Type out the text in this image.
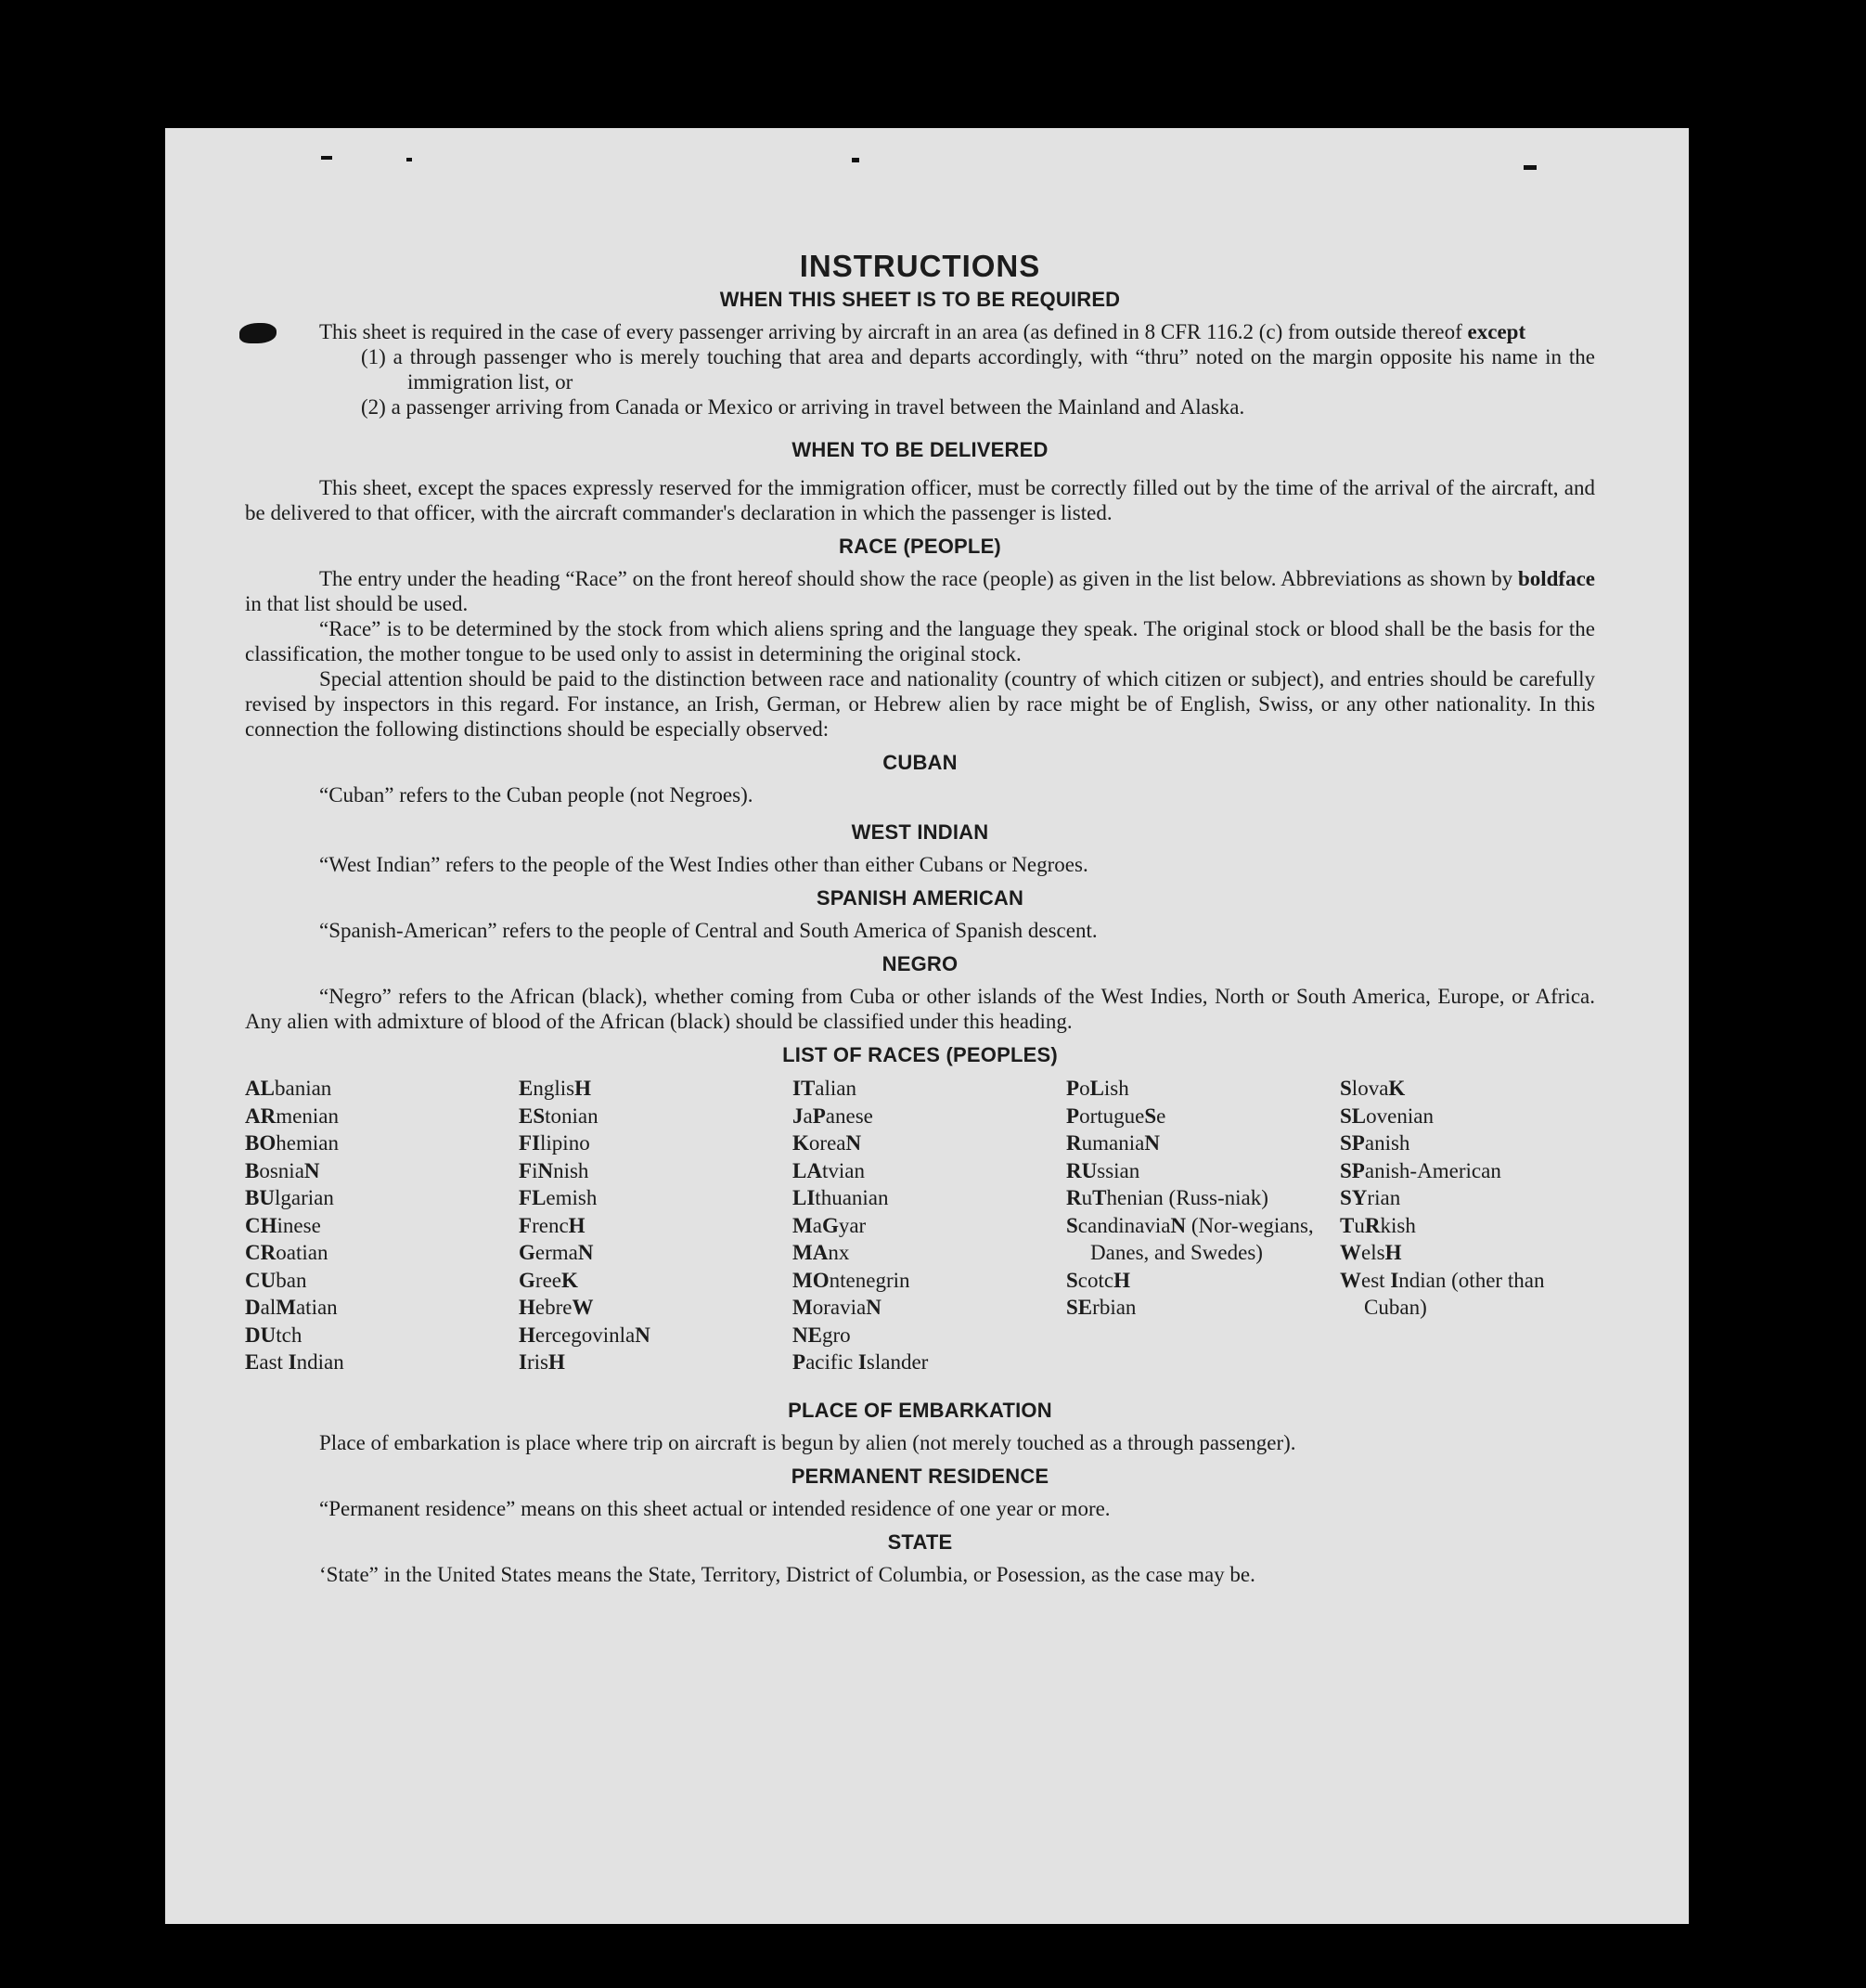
INSTRUCTIONS
WHEN THIS SHEET IS TO BE REQUIRED

This sheet is required in the case of every passenger arriving by aircraft in an area (as defined in 8 CFR 116.2 (c) from outside thereof except

(1) a through passenger who is merely touching that area and departs accordingly, with “thru” noted on the margin opposite his name in the immigration list, or

(2) a passenger arriving from Canada or Mexico or arriving in travel between the Mainland and Alaska.

WHEN TO BE DELIVERED

This sheet, except the spaces expressly reserved for the immigration officer, must be correctly filled out by the time of the arrival of the aircraft, and be delivered to that officer, with the aircraft commander's declaration in which the passenger is listed.

RACE (PEOPLE)

The entry under the heading “Race” on the front hereof should show the race (people) as given in the list below. Abbreviations as shown by boldface in that list should be used.

“Race” is to be determined by the stock from which aliens spring and the language they speak. The original stock or blood shall be the basis for the classification, the mother tongue to be used only to assist in determining the original stock.

Special attention should be paid to the distinction between race and nationality (country of which citizen or subject), and entries should be carefully revised by inspectors in this regard. For instance, an Irish, German, or Hebrew alien by race might be of English, Swiss, or any other nationality. In this connection the following distinctions should be especially observed:

CUBAN

“Cuban” refers to the Cuban people (not Negroes).

WEST INDIAN

“West Indian” refers to the people of the West Indies other than either Cubans or Negroes.

SPANISH AMERICAN

“Spanish-American” refers to the people of Central and South America of Spanish descent.

NEGRO

“Negro” refers to the African (black), whether coming from Cuba or other islands of the West Indies, North or South America, Europe, or Africa. Any alien with admixture of blood of the African (black) should be classified under this heading.

LIST OF RACES (PEOPLES)
ALbanian
ARmenian
BOhemian
BosniaN
BUlgarian
CHinese
CRoatian
CUban
DalMatian
DUtch
East Indian
EnglisH
EStonian
FIlipino
FiNnish
FLemish
FrencH
GermaN
GreeK
HebreW
HercegovinlaN
IrisH
ITalian
JaPanese
KoreaN
LAtvian
LIthuanian
MaGyar
MAnx
MOntenegrin
MoraviaN
NEgro
Pacific Islander
PoLish
PortugueSe
RumaniaN
RUssian
RuThenian (Russ-niak)
ScandinaviaN (Nor-wegians, Danes, and Swedes)
ScotcH
SErbian
SlovaK
SLovenian
SPanish
SPanish-American
SYrian
TuRkish
WelsH
West Indian (other than Cuban)
PLACE OF EMBARKATION

Place of embarkation is place where trip on aircraft is begun by alien (not merely touched as a through passenger).

PERMANENT RESIDENCE

“Permanent residence” means on this sheet actual or intended residence of one year or more.

STATE

‘State” in the United States means the State, Territory, District of Columbia, or Posession, as the case may be.
